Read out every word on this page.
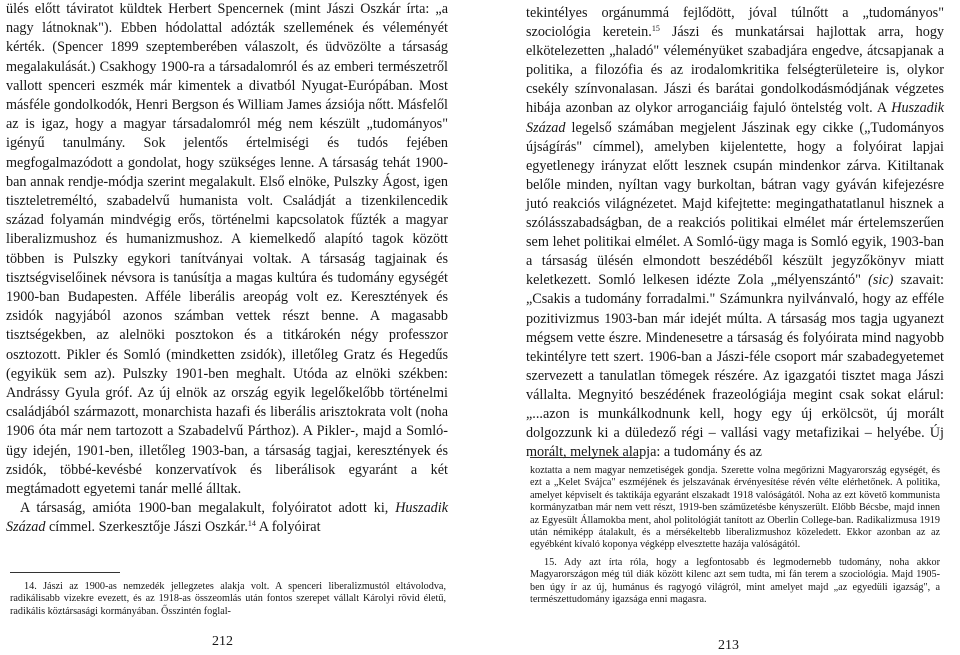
ülés előtt táviratot küldtek Herbert Spencernek (mint Jászi Oszkár írta: „a nagy látnoknak"). Ebben hódolattal adózták szellemének és véleményét kérték. (Spencer 1899 szeptemberében válaszolt, és üdvözölte a társaság megalakulását.) Csakhogy 1900-ra a társadalomról és az emberi természetről vallott spenceri eszmék már kimentek a divatból Nyugat-Európában. Most másféle gondolkodók, Henri Bergson és William James ázsiója nőtt. Másfelől az is igaz, hogy a magyar társadalomról még nem készült „tudományos" igényű tanulmány. Sok jelentős értelmiségi és tudós fejében megfogalmazódott a gondolat, hogy szükséges lenne. A társaság tehát 1900-ban annak rendje-módja szerint megalakult. Első elnöke, Pulszky Ágost, igen tiszteletreméltó, szabadelvű humanista volt. Családját a tizenkilencedik század folyamán mindvégig erős, történelmi kapcsolatok fűzték a magyar liberalizmushoz és humanizmushoz. A kiemelkedő alapító tagok között többen is Pulszky egykori tanítványai voltak. A társaság tagjainak és tisztségviselőinek névsora is tanúsítja a magas kultúra és tudomány egységét 1900-ban Budapesten. Afféle liberális areopág volt ez. Keresztények és zsidók nagyjából azonos számban vettek részt benne. A magasabb tisztségekben, az alelnöki posztokon és a titkárokén négy professzor osztozott. Pikler és Somló (mindketten zsidók), illetőleg Gratz és Hegedűs (egyikük sem az). Pulszky 1901-ben meghalt. Utóda az elnöki székben: Andrássy Gyula gróf. Az új elnök az ország egyik legelőkelőbb történelmi családjából származott, monarchista hazafi és liberális arisztokrata volt (noha 1906 óta már nem tartozott a Szabadelvű Párthoz). A Pikler-, majd a Somló-ügy idején, 1901-ben, illetőleg 1903-ban, a társaság tagjai, keresztények és zsidók, többé-kevésbé konzervatívok és liberálisok egyaránt a két megtámadott egyetemi tanár mellé álltak.

A társaság, amióta 1900-ban megalakult, folyóiratot adott ki, Huszadik Század címmel. Szerkesztője Jászi Oszkár.$^{14}$ A folyóirat

14. Jászi az 1900-as nemzedék jellegzetes alakja volt. A spenceri liberalizmustól eltávolodva, radikálisabb vizekre evezett, és az 1918-as összeomlás után fontos szerepet vállalt Károlyi rövid életű, radikális köztársasági kormányában. Ősszintén foglal-

212

tekintélyes orgánummá fejlődött, jóval túlnőtt a „tudományos" szociológia keretein.$^{15}$ Jászi és munkatársai hajlottak arra, hogy elkötelezetten „haladó" véleményüket szabadjára engedve, átcsapjanak a politika, a filozófia és az irodalomkritika felségterületeire is, olykor csekély színvonalasan. Jászi és barátai gondolkodásmódjának végzetes hibája azonban az olykor arroganciáig fajuló öntelstég volt. A Huszadik Század legelső számában megjelent Jászinak egy cikke („Tudományos újságírás" címmel), amelyben kijelentette, hogy a folyóirat lapjai egyetlenegy irányzat előtt lesznek csupán mindenkor zárva. Kitiltanak belőle minden, nyíltan vagy burkoltan, bátran vagy gyáván kifejezésre jutó reakciós világnézetet. Majd kifejtette: megingathatatlanul hisznek a szólásszabadságban, de a reakciós politikai elmélet már értelemszerűen sem lehet politikai elmélet. A Somló-ügy maga is Somló egyik, 1903-ban a társaság ülésén elmondott beszédéből készült jegyzőkönyv miatt keletkezett. Somló lelkesen idézte Zola „mélyenszántó" (sic) szavait: „Csakis a tudomány forradalmi." Számunkra nyilvánvaló, hogy az efféle pozitivizmus 1903-ban már idejét múlta. A társaság mos tagja ugyanezt mégsem vette észre. Mindenesetre a társaság és folyóirata mind nagyobb tekintélyre tett szert. 1906-ban a Jászi-féle csoport már szabadegyetemet szervezett a tanulatlan tömegek részére. Az igazgatói tisztet maga Jászi vállalta. Megnyitó beszédének frazeológiája megint csak sokat elárul: „...azon is munkálkodnunk kell, hogy egy új erkölcsöt, új morált dolgozzunk ki a düledező régi – vallási vagy metafizikai – helyébe. Új morált, melynek alapja: a tudomány és az

koztatta a nem magyar nemzetiségek gondja. Szerette volna megőrizni Magyarország egységét, és ezt a „Kelet Svájca" eszméjének és jelszavának érvényesítése révén vélte elérhetőnek. A politika, amelyet képviselt és taktikája egyaránt elszakadt 1918 valóságától. Noha az ezt követő kommunista kormányzatban már nem vett részt, 1919-ben száműzetésbe kényszerült. Előbb Bécsbe, majd innen az Egyesült Államokba ment, ahol politológiát tanított az Oberlin College-ban. Radikalizmusa 1919 után némiképp átalakult, és a mérsékeltebb liberalizmushoz közeledett. Ekkor azonban az az egyébként kívaló koponya végképp elvesztette hazája valóságától.

15. Ady azt írta róla, hogy a legfontosabb és legmodernebb tudomány, noha akkor Magyarországon még túl diák között kilenc azt sem tudta, mi fán terem a szociológia. Majd 1905-ben úgy ír az új, humánus és ragyogó világról, mint amelyet majd „az egyedüli igazság", a természettudomány igazsága enni magasra.

213
